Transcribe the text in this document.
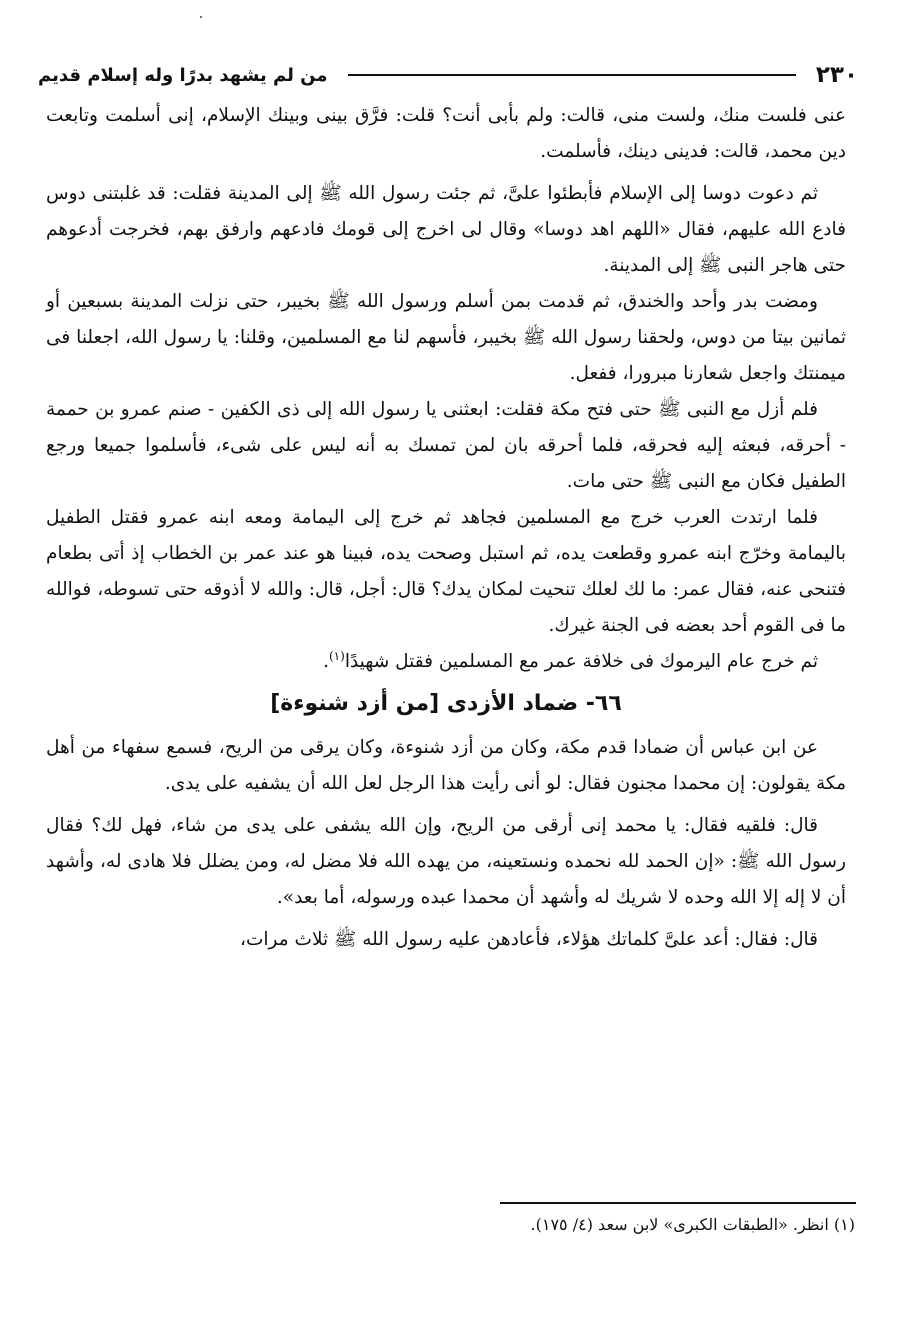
٢٣٠
من لم يشهد بدرًا وله إسلام قديم

عنى فلست منك، ولست منى، قالت: ولم بأبى أنت؟ قلت: فرَّق بينى وبينك الإسلام، إنى أسلمت وتابعت دين محمد، قالت: فدينى دينك، فأسلمت.

ثم دعوت دوسا إلى الإسلام فأبطئوا علىَّ، ثم جئت رسول الله ﷺ إلى المدينة فقلت: قد غلبتنى دوس فادع الله عليهم، فقال «اللهم اهد دوسا» وقال لى اخرج إلى قومك فادعهم وارفق بهم، فخرجت أدعوهم حتى هاجر النبى ﷺ إلى المدينة.

ومضت بدر وأحد والخندق، ثم قدمت بمن أسلم ورسول الله ﷺ بخيبر، حتى نزلت المدينة بسبعين أو ثمانين بيتا من دوس، ولحقنا رسول الله ﷺ بخيبر، فأسهم لنا مع المسلمين، وقلنا: يا رسول الله، اجعلنا فى ميمنتك واجعل شعارنا مبرورا، ففعل.

فلم أزل مع النبى ﷺ حتى فتح مكة فقلت: ابعثنى يا رسول الله إلى ذى الكفين - صنم عمرو بن حممة - أحرقه، فبعثه إليه فحرقه، فلما أحرقه بان لمن تمسك به أنه ليس على شىء، فأسلموا جميعا ورجع الطفيل فكان مع النبى ﷺ حتى مات.

فلما ارتدت العرب خرج مع المسلمين فجاهد ثم خرج إلى اليمامة ومعه ابنه عمرو فقتل الطفيل باليمامة وخرّج ابنه عمرو وقطعت يده، ثم استبل وصحت يده، فبينا هو عند عمر بن الخطاب إذ أتى بطعام فتنحى عنه، فقال عمر: ما لك لعلك تنحيت لمكان يدك؟ قال: أجل، قال: والله لا أذوقه حتى تسوطه، فوالله ما فى القوم أحد بعضه فى الجنة غيرك.

ثم خرج عام اليرموك فى خلافة عمر مع المسلمين فقتل شهيدًا$^{(١)}$.

٦٦- ضماد الأزدى [من أزد شنوءة]

عن ابن عباس أن ضمادا قدم مكة، وكان من أزد شنوءة، وكان يرقى من الريح، فسمع سفهاء من أهل مكة يقولون: إن محمدا مجنون فقال: لو أنى رأيت هذا الرجل لعل الله أن يشفيه على يدى.

قال: فلقيه فقال: يا محمد إنى أرقى من الريح، وإن الله يشفى على يدى من شاء، فهل لك؟ فقال رسول الله ﷺ: «إن الحمد لله نحمده ونستعينه، من يهده الله فلا مضل له، ومن يضلل فلا هادى له، وأشهد أن لا إله إلا الله وحده لا شريك له وأشهد أن محمدا عبده ورسوله، أما بعد».

قال: فقال: أعد علىَّ كلماتك هؤلاء، فأعادهن عليه رسول الله ﷺ ثلاث مرات،

(١) انظر. «الطبقات الكبرى» لابن سعد (٤/ ١٧٥).
